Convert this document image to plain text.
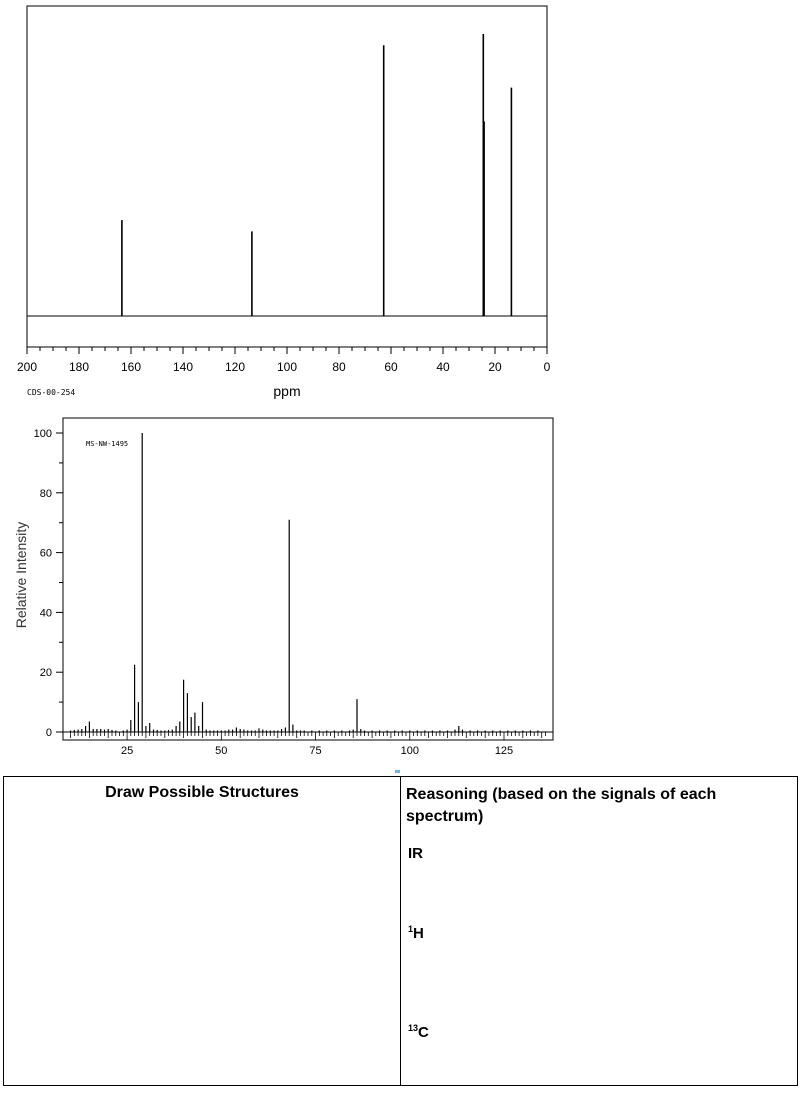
200	180	160	140	120	100	80	60	40	20	0
ppm
CDS-00-254
25	50	75	100	125
0
20
40
60
80
100
Relative Intensity
MS-NW-1495
Draw Possible Structures	Reasoning (based on the signals of each spectrum)
IR
$^1$H
$^{13}$C
